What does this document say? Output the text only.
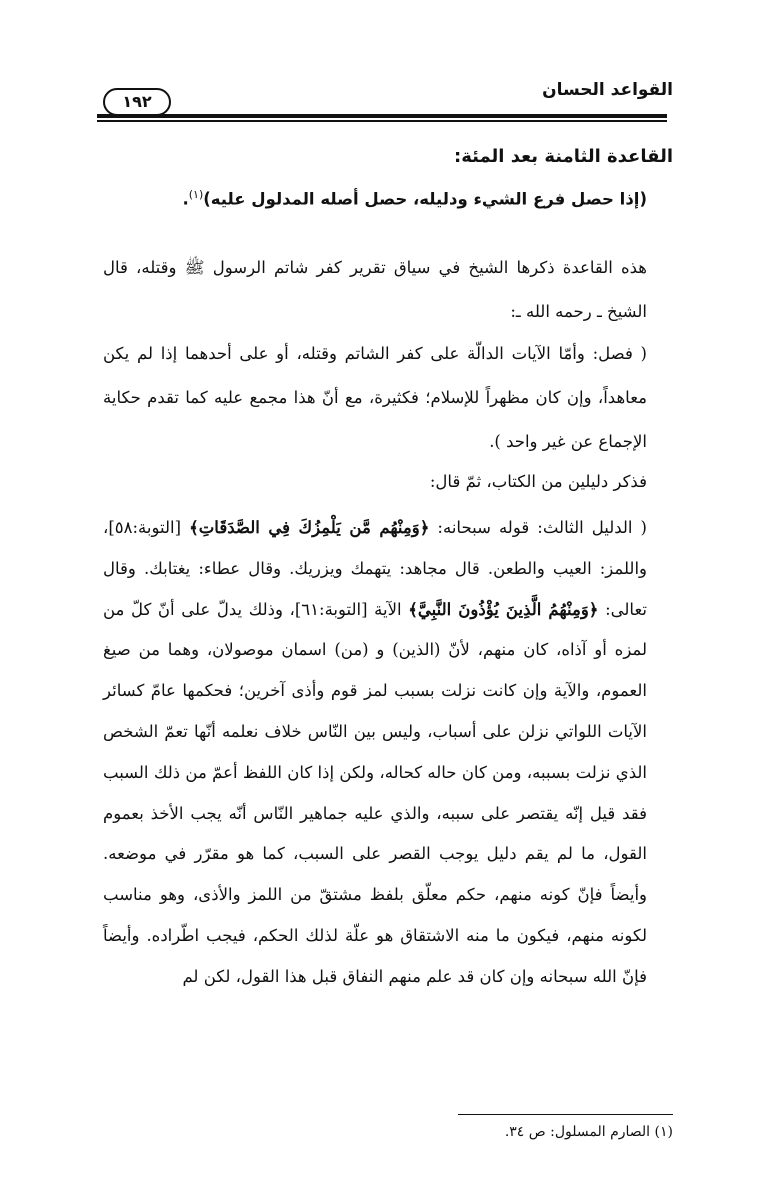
القواعد الحسان
١٩٢
القاعدة الثامنة بعد المئة:
(إذا حصل فرع الشيء ودليله، حصل أصله المدلول عليه)$^{(١)}$.
هذه القاعدة ذكرها الشيخ في سياق تقرير كفر شاتم الرسول ﷺ وقتله، قال الشيخ ـ رحمه الله ـ:
( فصل: وأمّا الآيات الدالّة على كفر الشاتم وقتله، أو على أحدهما إذا لم يكن معاهداً، وإن كان مظهراً للإسلام؛ فكثيرة، مع أنّ هذا مجمع عليه كما تقدم حكاية الإجماع عن غير واحد ).
فذكر دليلين من الكتاب، ثمّ قال:
( الدليل الثالث: قوله سبحانه: ﴿وَمِنْهُم مَّن يَلْمِزُكَ فِي الصَّدَقَاتِ﴾ [التوبة:٥٨]، واللمز: العيب والطعن. قال مجاهد: يتهمك ويزريك. وقال عطاء: يغتابك. وقال تعالى: ﴿وَمِنْهُمُ الَّذِينَ يُؤْذُونَ النَّبِيَّ﴾ الآية [التوبة:٦١]، وذلك يدلّ على أنّ كلّ من لمزه أو آذاه، كان منهم، لأنّ (الذين) و (من) اسمان موصولان، وهما من صيغ العموم، والآية وإن كانت نزلت بسبب لمز قوم وأذى آخرين؛ فحكمها عامّ كسائر الآيات اللواتي نزلن على أسباب، وليس بين النّاس خلاف نعلمه أنّها تعمّ الشخص الذي نزلت بسببه، ومن كان حاله كحاله، ولكن إذا كان اللفظ أعمّ من ذلك السبب فقد قيل إنّه يقتصر على سببه، والذي عليه جماهير النّاس أنّه يجب الأخذ بعموم القول، ما لم يقم دليل يوجب القصر على السبب، كما هو مقرّر في موضعه. وأيضاً فإنّ كونه منهم، حكم معلّق بلفظ مشتقّ من اللمز والأذى، وهو مناسب لكونه منهم، فيكون ما منه الاشتقاق هو علّة لذلك الحكم، فيجب اطّراده. وأيضاً فإنّ الله سبحانه وإن كان قد علم منهم النفاق قبل هذا القول، لكن لم
(١) الصارم المسلول: ص ٣٤.
